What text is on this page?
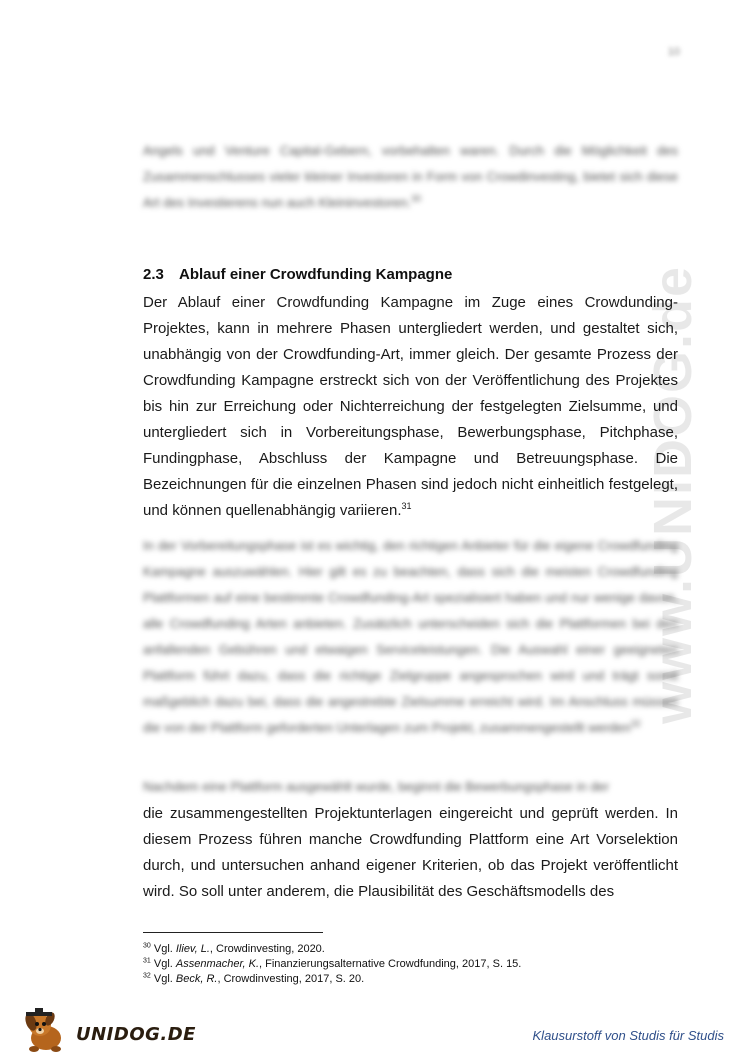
10
Angels und Venture Capital-Gebern, vorbehalten waren. Durch die Möglichkeit des Zusammenschlusses vieler kleiner Investoren in Form von Crowdinvesting, bietet sich diese Art des Investierens nun auch Kleininvestoren.$^{30}$
2.3 Ablauf einer Crowdfunding Kampagne
Der Ablauf einer Crowdfunding Kampagne im Zuge eines Crowdunding-Projektes, kann in mehrere Phasen untergliedert werden, und gestaltet sich, unabhängig von der Crowdfunding-Art, immer gleich. Der gesamte Prozess der Crowdfunding Kampagne erstreckt sich von der Veröffentlichung des Projektes bis hin zur Erreichung oder Nichterreichung der festgelegten Zielsumme, und untergliedert sich in Vorbereitungsphase, Bewerbungsphase, Pitchphase, Fundingphase, Abschluss der Kampagne und Betreuungsphase. Die Bezeichnungen für die einzelnen Phasen sind jedoch nicht einheitlich festgelegt, und können quellenabhängig variieren.$^{31}$
In der Vorbereitungsphase ist es wichtig, den richtigen Anbieter für die eigene Crowdfunding Kampagne auszuwählen. Hier gilt es zu beachten, dass sich die meisten Crowdfunding Plattformen auf eine bestimmte Crowdfunding-Art spezialisiert haben und nur wenige davon, alle Crowdfunding Arten anbieten. Zusätzlich unterscheiden sich die Plattformen bei den anfallenden Gebühren und etwaigen Serviceleistungen. Die Auswahl einer geeigneten Plattform führt dazu, dass die richtige Zielgruppe angesprochen wird und trägt somit maßgeblich dazu bei, dass die angestrebte Zielsumme erreicht wird. Im Anschluss müssen die von der Plattform geforderten Unterlagen zum Projekt, zusammengestellt werden$^{32}$
Nachdem eine Plattform ausgewählt wurde, beginnt die Bewerbungsphase in der
die zusammengestellten Projektunterlagen eingereicht und geprüft werden. In diesem Prozess führen manche Crowdfunding Plattform eine Art Vorselektion durch, und untersuchen anhand eigener Kriterien, ob das Projekt veröffentlicht wird. So soll unter anderem, die Plausibilität des Geschäftsmodells des
www.UNIDOG.de
$^{30}$ Vgl. Iliev, L., Crowdinvesting, 2020.
$^{31}$ Vgl. Assenmacher, K., Finanzierungsalternative Crowdfunding, 2017, S. 15.
$^{32}$ Vgl. Beck, R., Crowdinvesting, 2017, S. 20.
UNIDOG.DE	Klausurstoff von Studis für Studis
